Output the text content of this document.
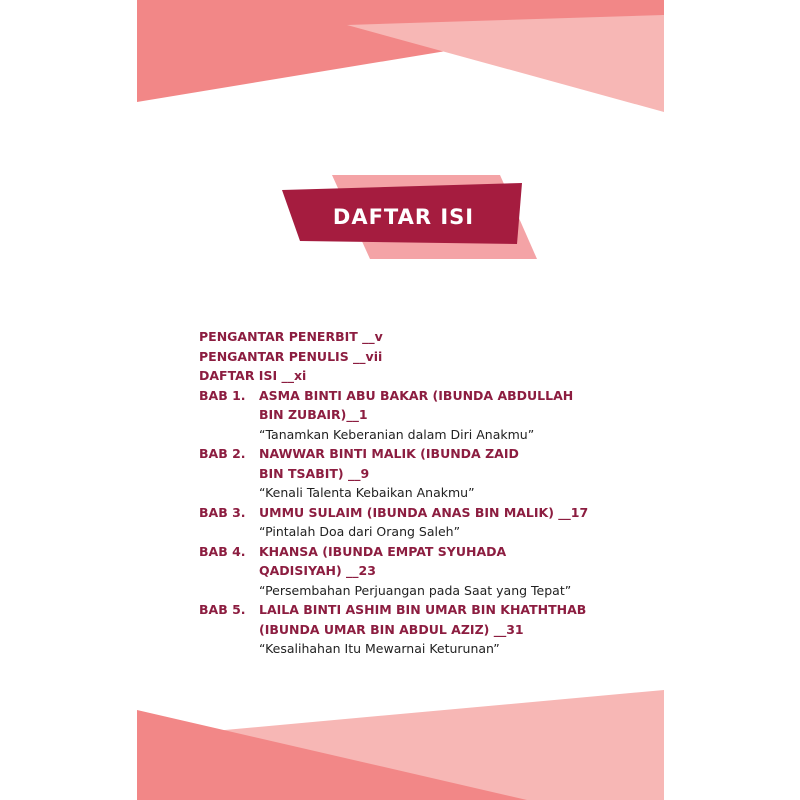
DAFTAR ISI
PENGANTAR PENERBIT __v
PENGANTAR PENULIS __vii
DAFTAR ISI __xi
BAB 1.	ASMA BINTI ABU BAKAR (IBUNDA ABDULLAH
BIN ZUBAIR)__1
“Tanamkan Keberanian dalam Diri Anakmu”
BAB 2.	NAWWAR BINTI MALIK (IBUNDA ZAID
BIN TSABIT) __9
“Kenali Talenta Kebaikan Anakmu”
BAB 3.	UMMU SULAIM (IBUNDA ANAS BIN MALIK) __17
“Pintalah Doa dari Orang Saleh”
BAB 4.	KHANSA (IBUNDA EMPAT SYUHADA
QADISIYAH) __23
“Persembahan Perjuangan pada Saat yang Tepat”
BAB 5.	LAILA BINTI ASHIM BIN UMAR BIN KHATHTHAB
(IBUNDA UMAR BIN ABDUL AZIZ) __31
“Kesalihahan Itu Mewarnai Keturunan”
